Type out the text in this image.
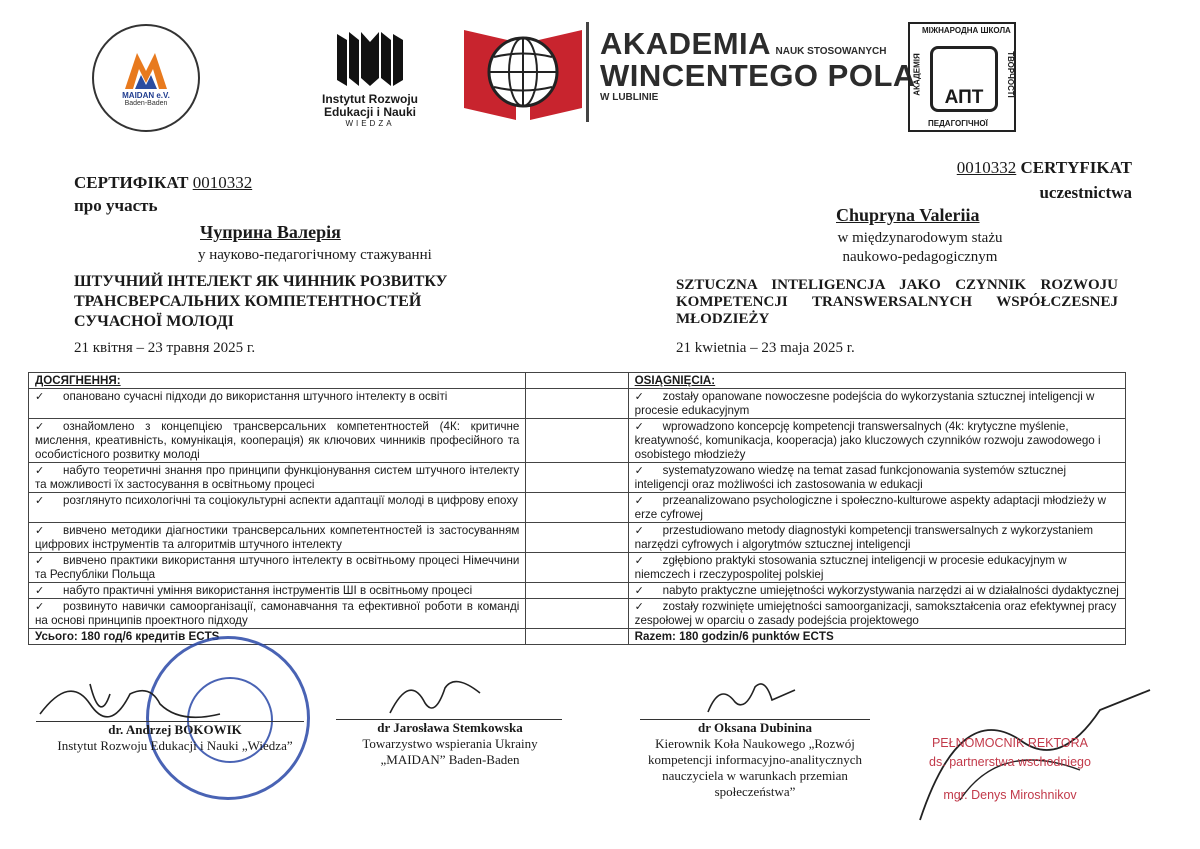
MAIDAN e.V.
Baden-Baden	Instytut Rozwoju
Edukacji i Nauki
WIEDZA
AKADEMIA NAUK STOSOWANYCH
WINCENTEGO POLA
W LUBLINIE
МІЖНАРОДНА ШКОЛА
ПЕДАГОГІЧНОЇ
АКАДЕМІЯ	ТВОРЧОСТІ
АПТ
СЕРТИФІКАТ 0010332
про участь
Чуприна Валерія
у науково-педагогічному стажуванні
ШТУЧНИЙ ІНТЕЛЕКТ ЯК ЧИННИК РОЗВИТКУ ТРАНСВЕРСАЛЬНИХ КОМПЕТЕНТНОСТЕЙ СУЧАСНОЇ МОЛОДІ
21 квітня – 23 травня 2025 г.
0010332 CERTYFIKAT
uczestnictwa
Chupryna Valeriia
w międzynarodowym stażu
naukowo-pedagogicznym
SZTUCZNA INTELIGENCJA JAKO CZYNNIK ROZWOJU KOMPETENCJI TRANSWERSALNYCH WSPÓŁCZESNEJ MŁODZIEŻY
21 kwietnia – 23 maja 2025 r.
ДОСЯГНЕННЯ:		OSIĄGNIĘCIA:
✓ опановано сучасні підходи до використання штучного інтелекту в освіті		✓ zostały opanowane nowoczesne podejścia do wykorzystania sztucznej inteligencji w procesie edukacyjnym
✓ ознайомлено з концепцією трансверсальних компетентностей (4К: критичне мислення, креативність, комунікація, кооперація) як ключових чинників професійного та особистісного розвитку молоді		✓ wprowadzono koncepcję kompetencji transwersalnych (4k: krytyczne myślenie, kreatywność, komunikacja, kooperacja) jako kluczowych czynników rozwoju zawodowego i osobistego młodzieży
✓ набуто теоретичні знання про принципи функціонування систем штучного інтелекту та можливості їх застосування в освітньому процесі		✓ systematyzowano wiedzę na temat zasad funkcjonowania systemów sztucznej inteligencji oraz możliwości ich zastosowania w edukacji
✓ розглянуто психологічні та соціокультурні аспекти адаптації молоді в цифрову епоху		✓ przeanalizowano psychologiczne i społeczno-kulturowe aspekty adaptacji młodzieży w erze cyfrowej
✓ вивчено методики діагностики трансверсальних компетентностей із застосуванням цифрових інструментів та алгоритмів штучного інтелекту		✓ przestudiowano metody diagnostyki kompetencji transwersalnych z wykorzystaniem narzędzi cyfrowych i algorytmów sztucznej inteligencji
✓ вивчено практики використання штучного інтелекту в освітньому процесі Німеччини та Республіки Польща		✓ zgłębiono praktyki stosowania sztucznej inteligencji w procesie edukacyjnym w niemczech i rzeczypospolitej polskiej
✓ набуто практичні уміння використання інструментів ШІ в освітньому процесі		✓ nabyto praktyczne umiejętności wykorzystywania narzędzi ai w działalności dydaktycznej
✓ розвинуто навички самоорганізації, самонавчання та ефективної роботи в команді на основі принципів проектного підходу		✓ zostały rozwinięte umiejętności samoorganizacji, samokształcenia oraz efektywnej pracy zespołowej w oparciu o zasady podejścia projektowego
Усього: 180 год/6 кредитів ECTS		Razem: 180 godzin/6 punktów ECTS
dr. Andrzej BOKOWIK
Instytut Rozwoju Edukacji i Nauki „Wiedza”
dr Jarosława Stemkowska
Towarzystwo wspierania Ukrainy
„MAIDAN” Baden-Baden
dr Oksana Dubinina
Kierownik Koła Naukowego „Rozwój
kompetencji informacyjno-analitycznych
nauczyciela w warunkach przemian
społeczeństwa”
PEŁNOMOCNIK REKTORA
ds. partnerstwa wschodniego
mgr. Denys Miroshnikov
